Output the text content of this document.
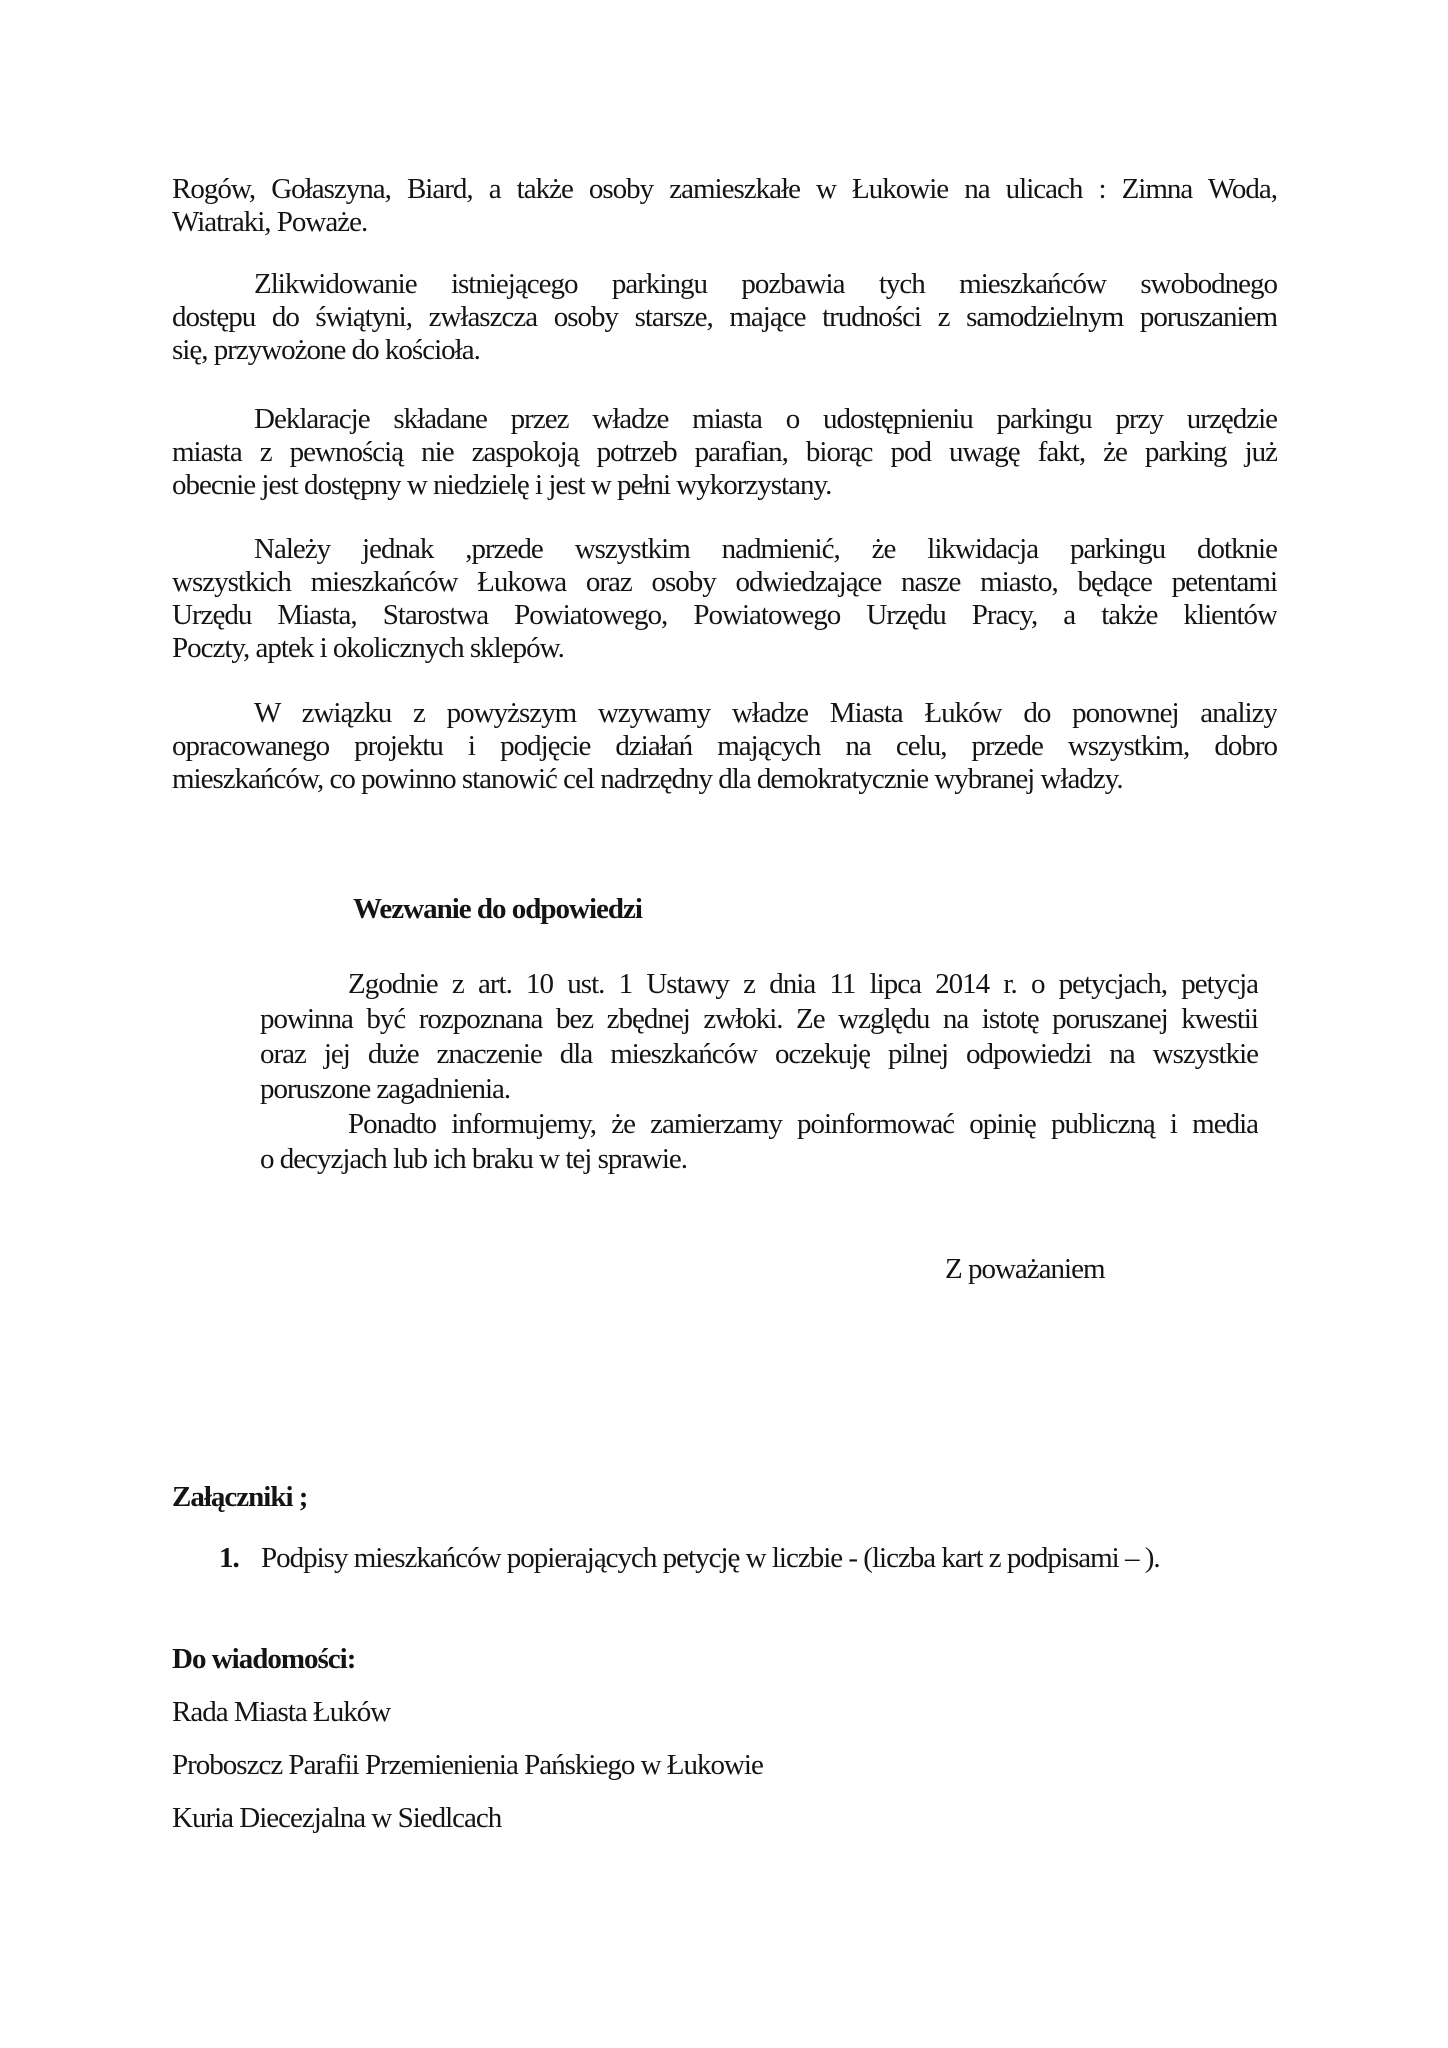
Rogów, Gołaszyna, Biard, a także osoby zamieszkałe w Łukowie na ulicach : Zimna Woda,
Wiatraki, Poważe.
Zlikwidowanie istniejącego parkingu pozbawia tych mieszkańców swobodnego
dostępu do świątyni, zwłaszcza osoby starsze, mające trudności z samodzielnym poruszaniem
się, przywożone do kościoła.
Deklaracje składane przez władze miasta o udostępnieniu parkingu przy urzędzie
miasta z pewnością nie zaspokoją potrzeb parafian, biorąc pod uwagę fakt, że parking już
obecnie jest dostępny w niedzielę i jest w pełni wykorzystany.
Należy jednak ,przede wszystkim nadmienić, że likwidacja parkingu dotknie
wszystkich mieszkańców Łukowa oraz osoby odwiedzające nasze miasto, będące petentami
Urzędu Miasta, Starostwa Powiatowego, Powiatowego Urzędu Pracy, a także klientów
Poczty, aptek i okolicznych sklepów.
W związku z powyższym wzywamy władze Miasta Łuków do ponownej analizy
opracowanego projektu i podjęcie działań mających na celu, przede wszystkim, dobro
mieszkańców, co powinno stanowić cel nadrzędny dla demokratycznie wybranej władzy.
Wezwanie do odpowiedzi
Zgodnie z art. 10 ust. 1 Ustawy z dnia 11 lipca 2014 r. o petycjach, petycja
powinna być rozpoznana bez zbędnej zwłoki. Ze względu na istotę poruszanej kwestii
oraz jej duże znaczenie dla mieszkańców oczekuję pilnej odpowiedzi na wszystkie
poruszone zagadnienia.
Ponadto informujemy, że zamierzamy poinformować opinię publiczną i media
o decyzjach lub ich braku w tej sprawie.
Z poważaniem
Załączniki ;
1. Podpisy mieszkańców popierających petycję w liczbie - (liczba kart z podpisami – ).
Do wiadomości:
Rada Miasta Łuków
Proboszcz Parafii Przemienienia Pańskiego w Łukowie
Kuria Diecezjalna w Siedlcach
